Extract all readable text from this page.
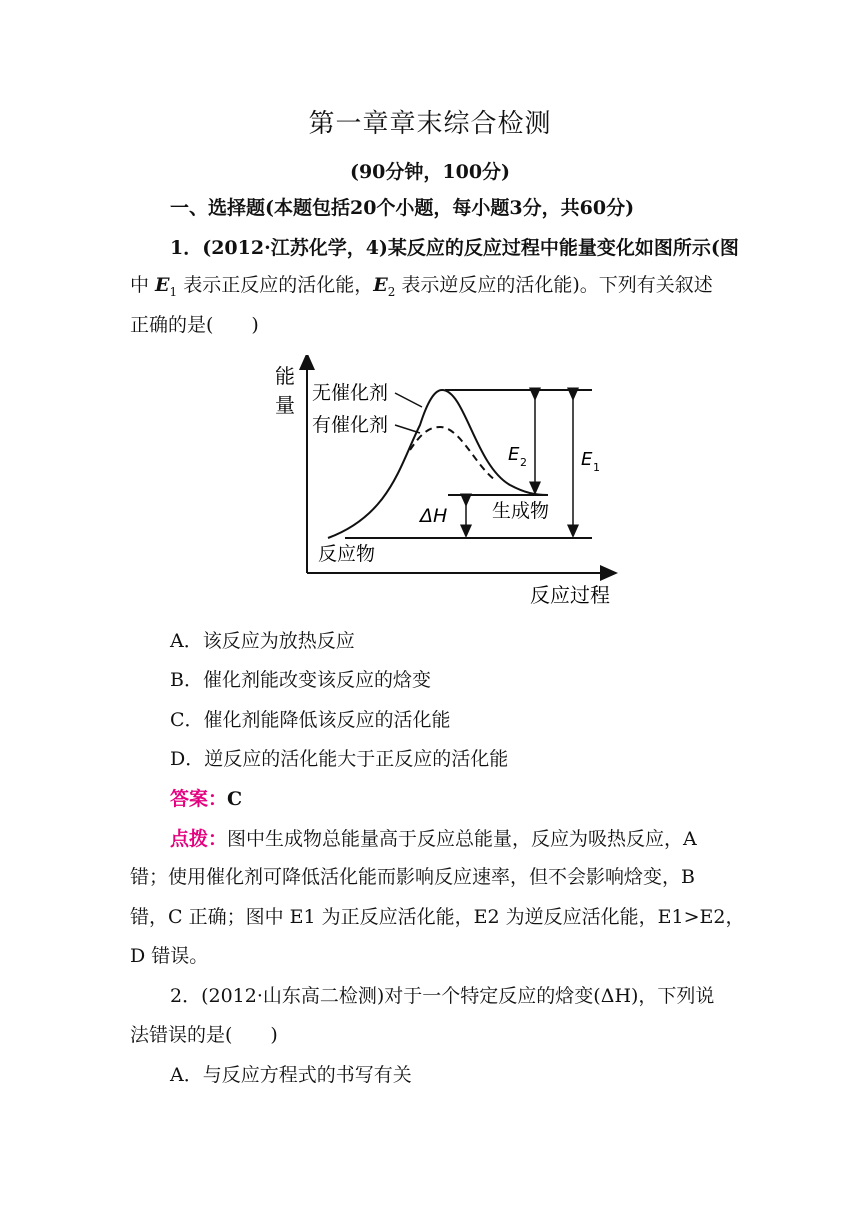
第一章章末综合检测
(90分钟，100分)
一、选择题(本题包括20个小题，每小题3分，共60分)
1．(2012·江苏化学，4)某反应的反应过程中能量变化如图所示(图
中 $E_1$ 表示正反应的活化能，$E_2$ 表示逆反应的活化能)。下列有关叙述
正确的是(　　)
能
量
反应过程
无催化剂
有催化剂
反应物
生成物
E 2	E 1
ΔH
A．该反应为放热反应
B．催化剂能改变该反应的焓变
C．催化剂能降低该反应的活化能
D．逆反应的活化能大于正反应的活化能
答案：C
点拨：图中生成物总能量高于反应总能量，反应为吸热反应，A
错；使用催化剂可降低活化能而影响反应速率，但不会影响焓变，B
错，C 正确；图中 E1 为正反应活化能，E2 为逆反应活化能，E1>E2，
D 错误。
2．(2012·山东高二检测)对于一个特定反应的焓变(ΔH)，下列说
法错误的是(　　)
A．与反应方程式的书写有关
